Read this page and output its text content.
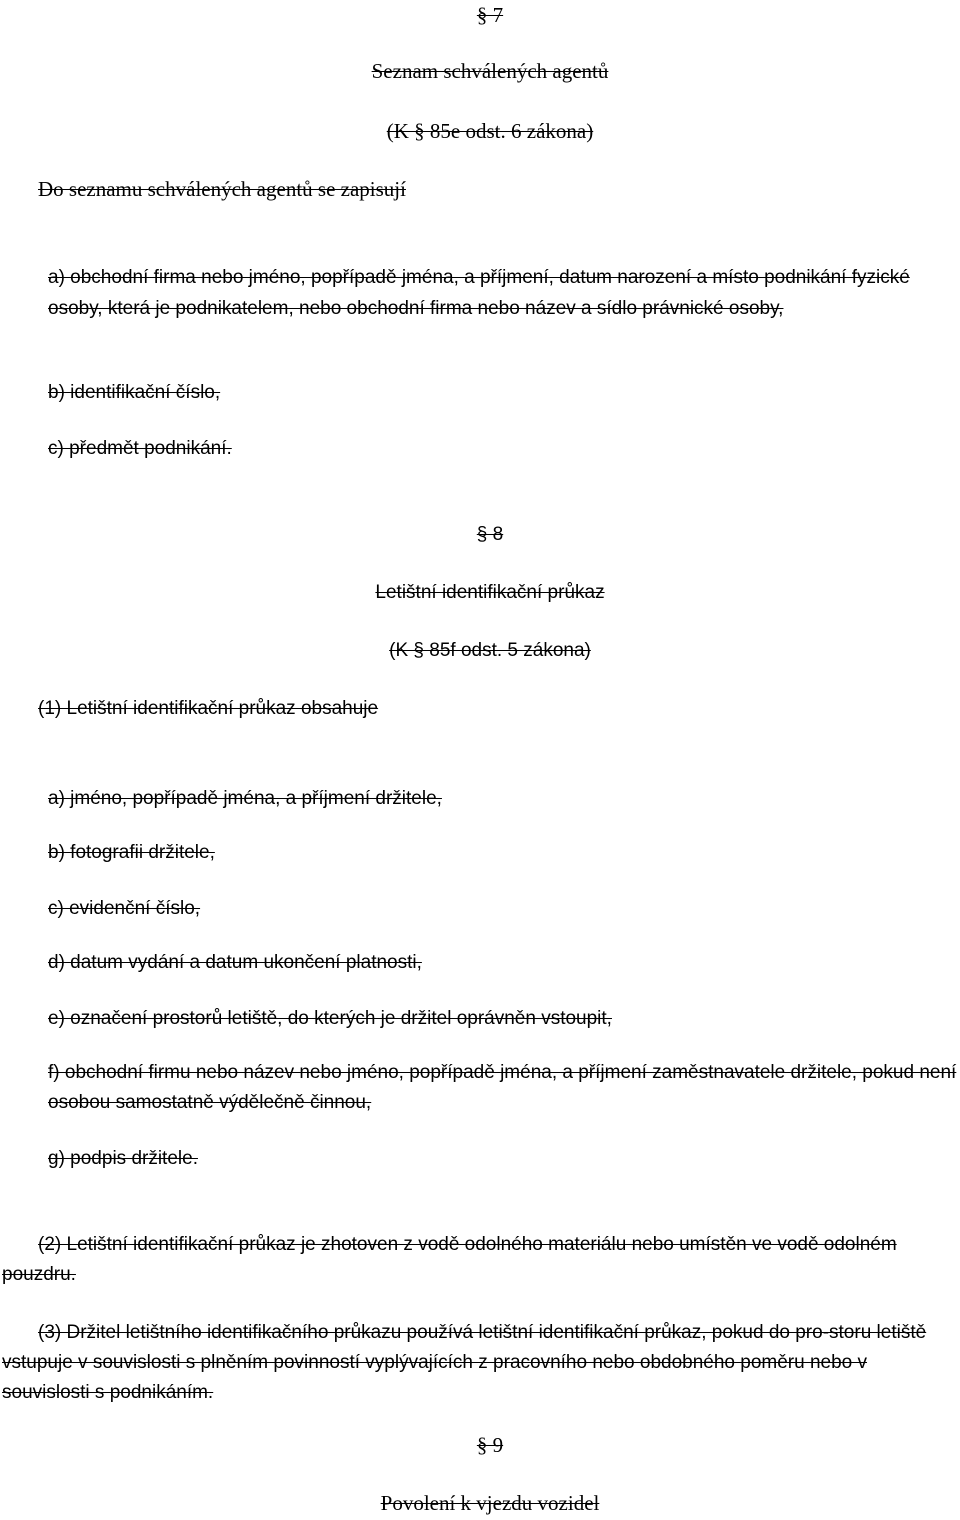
§ 7
Seznam schválených agentů
(K § 85e odst. 6 zákona)
Do seznamu schválených agentů se zapisují
a) obchodní firma nebo jméno, popřípadě jména, a příjmení, datum narození a místo podnikání fyzické osoby, která je podnikatelem, nebo obchodní firma nebo název a sídlo právnické osoby,
b) identifikační číslo,
c) předmět podnikání.
§ 8
Letištní identifikační průkaz
(K § 85f odst. 5 zákona)
(1) Letištní identifikační průkaz obsahuje
a) jméno, popřípadě jména, a příjmení držitele,
b) fotografii držitele,
c) evidenční číslo,
d) datum vydání a datum ukončení platnosti,
e) označení prostorů letiště, do kterých je držitel oprávněn vstoupit,
f) obchodní firmu nebo název nebo jméno, popřípadě jména, a příjmení zaměstnavatele držitele, pokud není osobou samostatně výdělečně činnou,
g) podpis držitele.
(2) Letištní identifikační průkaz je zhotoven z vodě odolného materiálu nebo umístěn ve vodě odolném pouzdru.
(3) Držitel letištního identifikačního průkazu používá letištní identifikační průkaz, pokud do pro-storu letiště vstupuje v souvislosti s plněním povinností vyplývajících z pracovního nebo obdobného poměru nebo v souvislosti s podnikáním.
§ 9
Povolení k vjezdu vozidel
